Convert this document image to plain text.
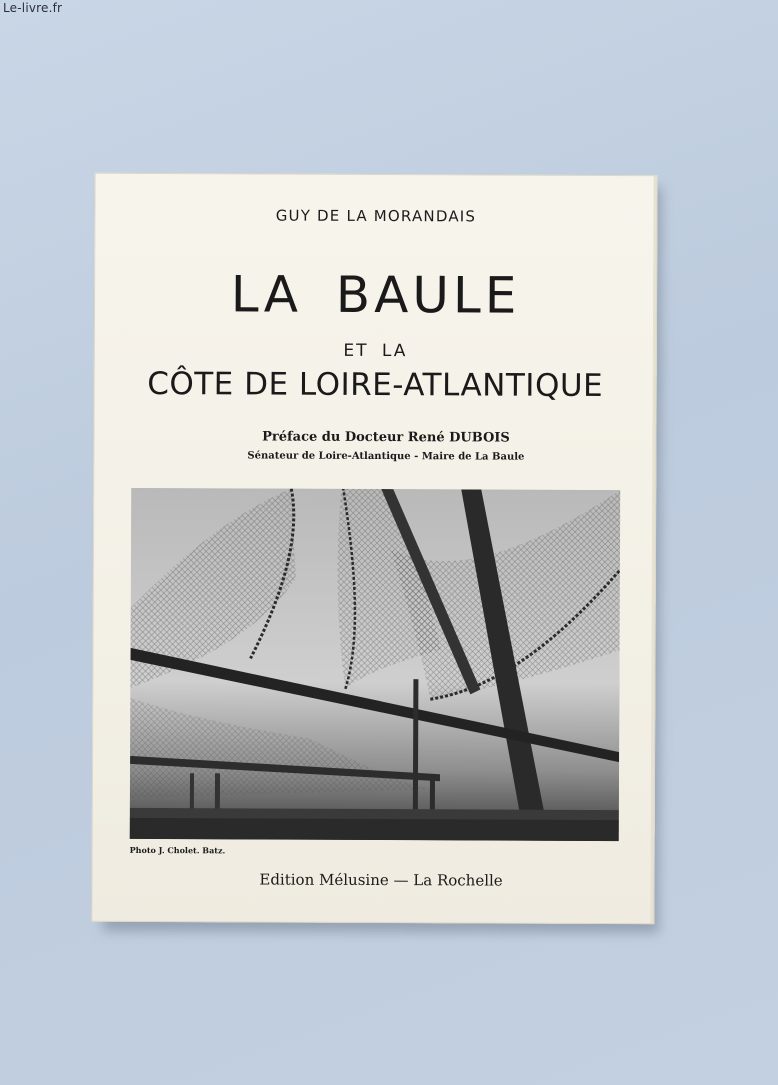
Le-livre.fr
GUY DE LA MORANDAIS
LA BAULE
ET LA
CÔTE DE LOIRE-ATLANTIQUE
Préface du Docteur René DUBOIS
Sénateur de Loire-Atlantique - Maire de La Baule
Photo J. Cholet. Batz.
Edition Mélusine — La Rochelle
